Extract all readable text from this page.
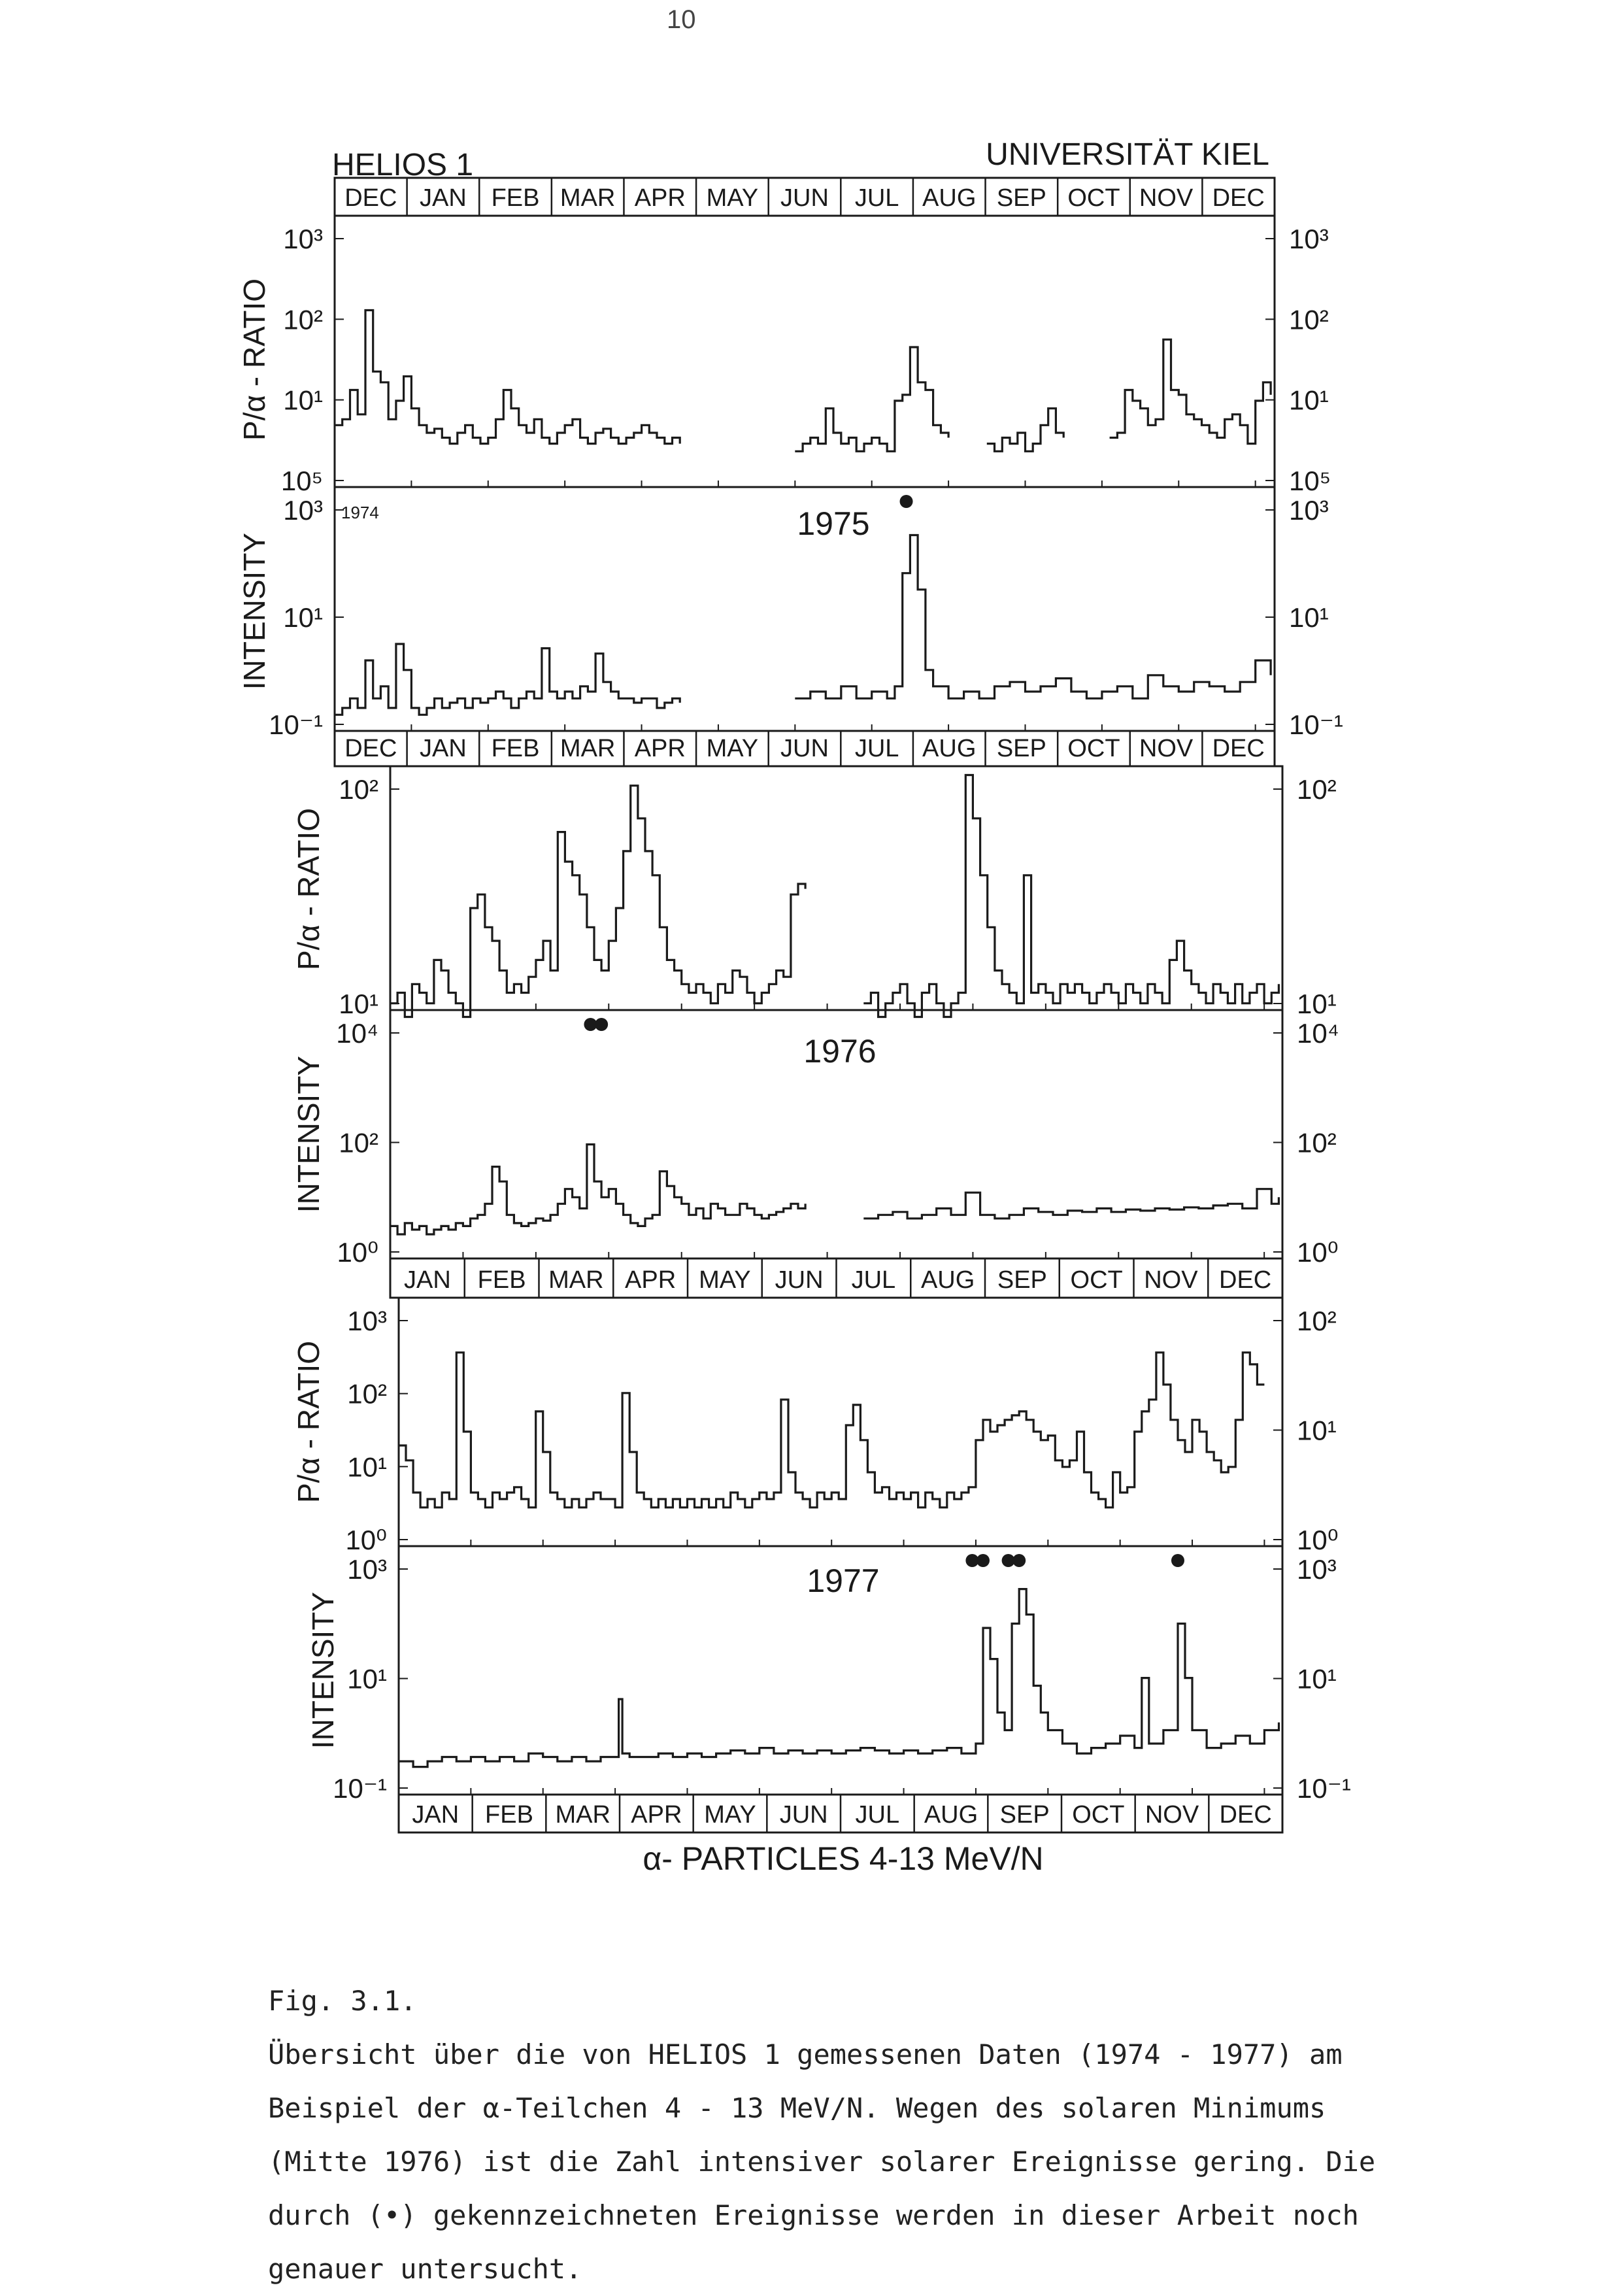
10
HELIOS 1	UNIVERSITÄT KIEL
1975
1976
1977
1974
α- PARTICLES 4-13 MeV/N
DEC JAN FEB MAR APR MAY JUN JUL AUG SEP OCT NOV DEC
DEC JAN FEB MAR APR MAY JUN JUL AUG SEP OCT NOV DEC
JAN FEB MAR APR MAY JUN JUL AUG SEP OCT NOV DEC
JAN FEB MAR APR MAY JUN JUL AUG SEP OCT NOV DEC
P/α - RATIO
10³
10²
10¹
10⁵
10³
10²
10¹
10⁵
INTENSITY
10³
10¹
10⁻¹
10³
10¹
10⁻¹
P/α - RATIO
10²
10¹
10²
10¹
INTENSITY
10⁴
10²
10⁰
10⁴
10²
10⁰
P/α - RATIO
10³
10²
10¹
10⁰
10²
10¹
10⁰
INTENSITY
10³
10¹
10⁻¹
10³
10¹
10⁻¹
Fig. 3.1.
Übersicht über die von HELIOS 1 gemessenen Daten (1974 - 1977) am
Beispiel der α-Teilchen 4 - 13 MeV/N. Wegen des solaren Minimums
(Mitte 1976) ist die Zahl intensiver solarer Ereignisse gering. Die
durch (•) gekennzeichneten Ereignisse werden in dieser Arbeit noch
genauer untersucht.
